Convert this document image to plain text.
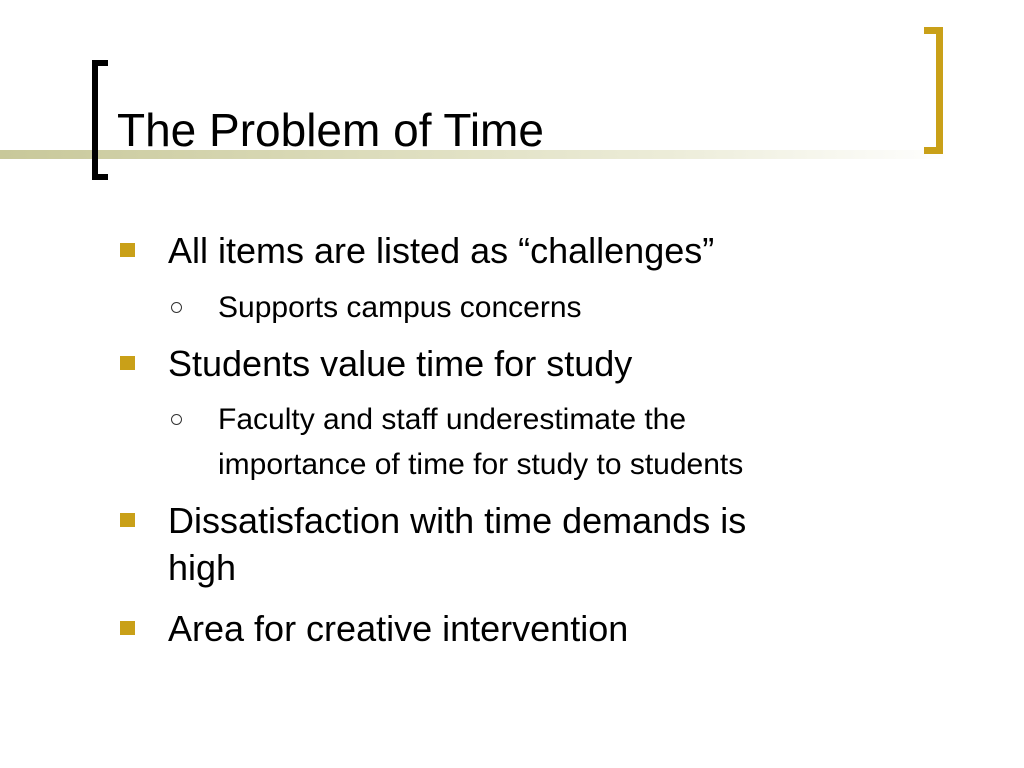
The Problem of Time
All items are listed as “challenges”
Supports campus concerns
Students value time for study
Faculty and staff underestimate the
importance of time for study to students
Dissatisfaction with time demands is
high
Area for creative intervention
